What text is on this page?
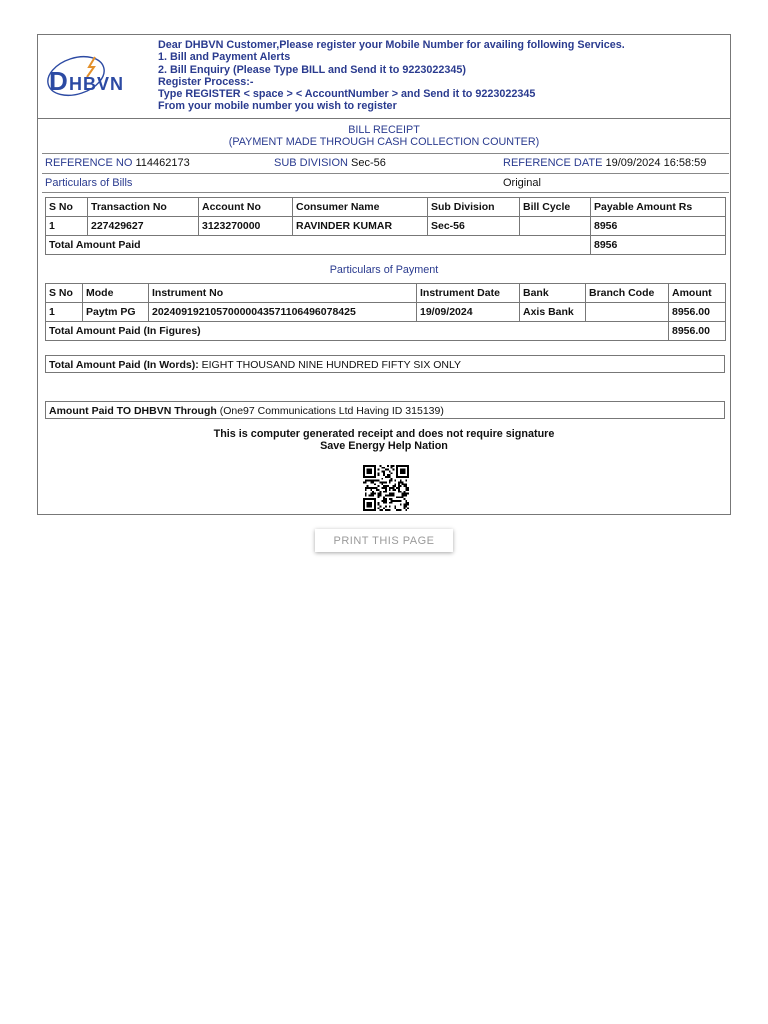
D HBVN
Dear DHBVN Customer,Please register your Mobile Number for availing following Services.
1. Bill and Payment Alerts
2. Bill Enquiry (Please Type BILL and Send it to 9223022345)
Register Process:-
Type REGISTER < space > < AccountNumber > and Send it to 9223022345
From your mobile number you wish to register
BILL RECEIPT
(PAYMENT MADE THROUGH CASH COLLECTION COUNTER)
REFERENCE NO 114462173	SUB DIVISION Sec-56	REFERENCE DATE 19/09/2024 16:58:59
Particulars of Bills	Original
S No	Transaction No	Account No	Consumer Name	Sub Division	Bill Cycle	Payable Amount Rs
1	227429627	3123270000	RAVINDER KUMAR	Sec-56		8956
Total Amount Paid						8956
Particulars of Payment
S No	Mode	Instrument No	Instrument Date	Bank	Branch Code	Amount
1	Paytm PG	20240919210570000043571106496078425	19/09/2024	Axis Bank		8956.00
Total Amount Paid (In Figures)						8956.00
Total Amount Paid (In Words): EIGHT THOUSAND NINE HUNDRED FIFTY SIX ONLY
Amount Paid TO DHBVN Through (One97 Communications Ltd Having ID 315139)
This is computer generated receipt and does not require signature
Save Energy Help Nation
PRINT THIS PAGE
